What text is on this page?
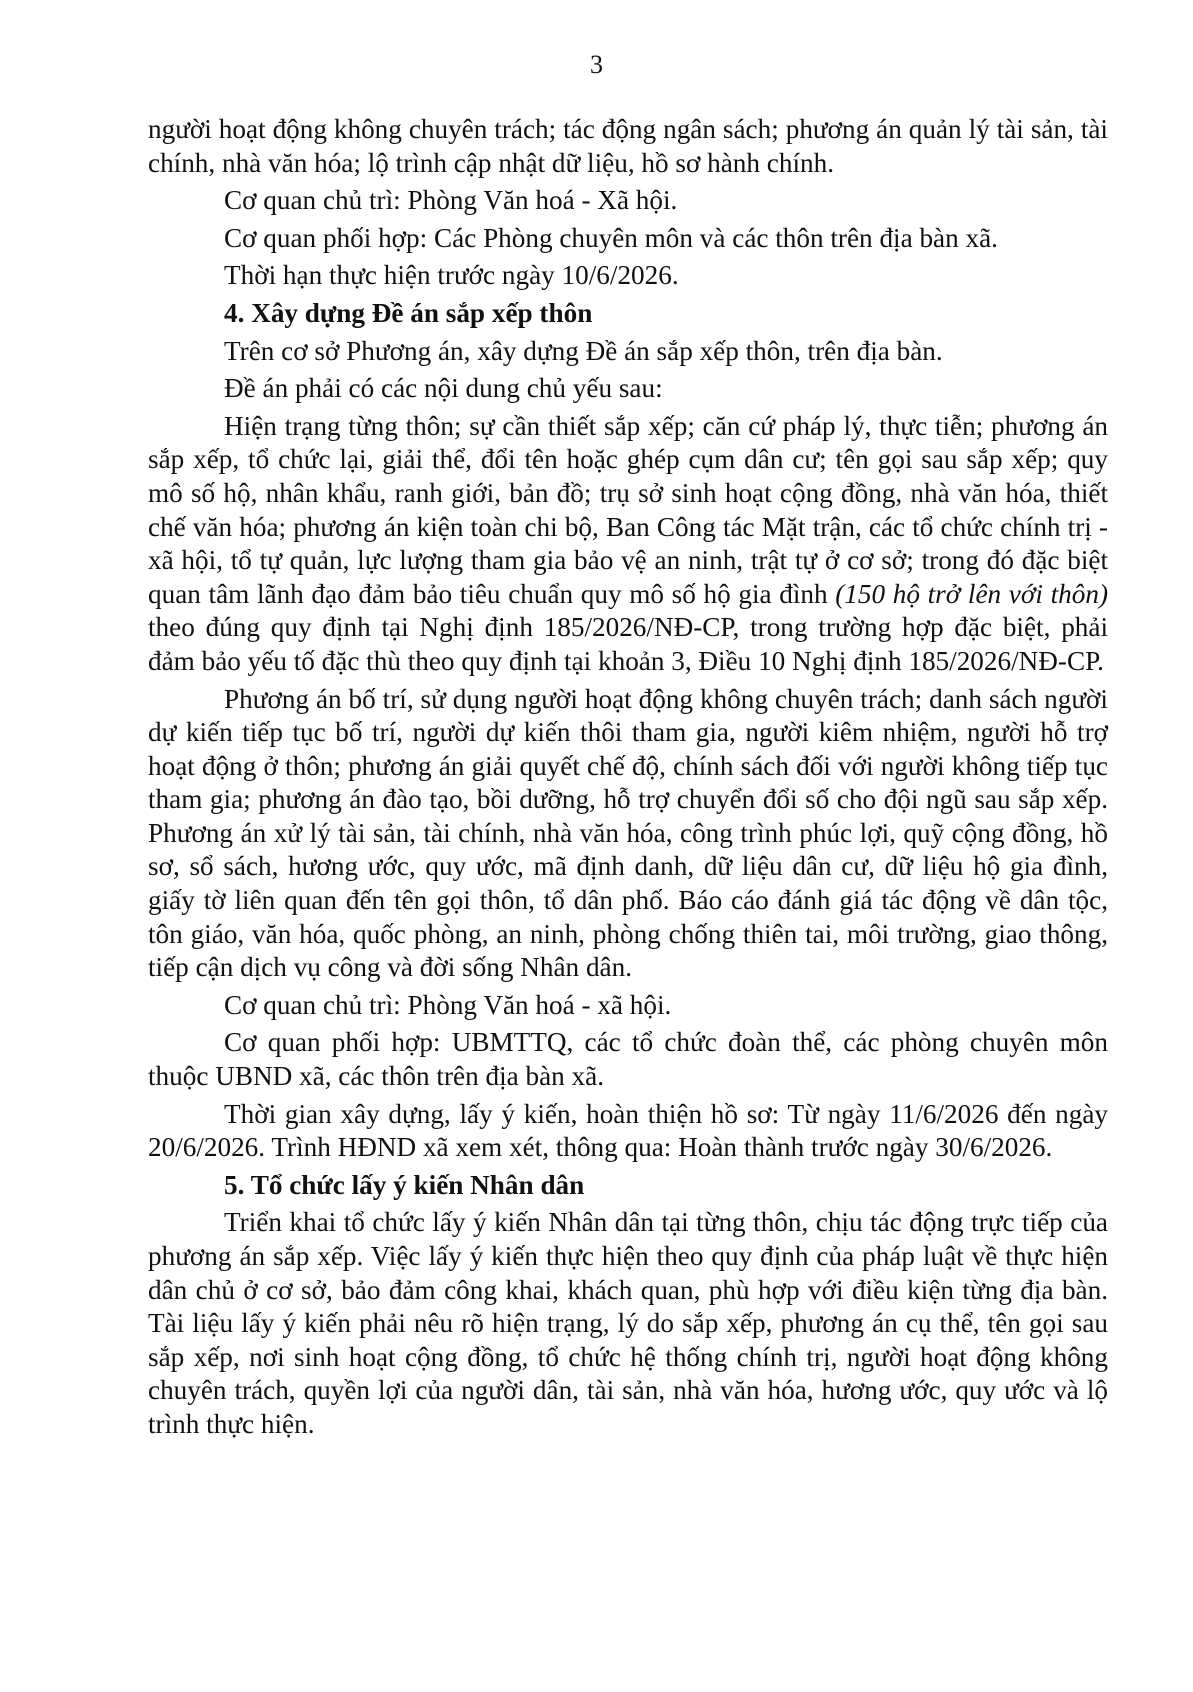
3

người hoạt động không chuyên trách; tác động ngân sách; phương án quản lý tài sản, tài chính, nhà văn hóa; lộ trình cập nhật dữ liệu, hồ sơ hành chính.

Cơ quan chủ trì: Phòng Văn hoá - Xã hội.

Cơ quan phối hợp: Các Phòng chuyên môn và các thôn trên địa bàn xã.

Thời hạn thực hiện trước ngày 10/6/2026.

4. Xây dựng Đề án sắp xếp thôn

Trên cơ sở Phương án, xây dựng Đề án sắp xếp thôn, trên địa bàn.

Đề án phải có các nội dung chủ yếu sau:

Hiện trạng từng thôn; sự cần thiết sắp xếp; căn cứ pháp lý, thực tiễn; phương án sắp xếp, tổ chức lại, giải thể, đổi tên hoặc ghép cụm dân cư; tên gọi sau sắp xếp; quy mô số hộ, nhân khẩu, ranh giới, bản đồ; trụ sở sinh hoạt cộng đồng, nhà văn hóa, thiết chế văn hóa; phương án kiện toàn chi bộ, Ban Công tác Mặt trận, các tổ chức chính trị - xã hội, tổ tự quản, lực lượng tham gia bảo vệ an ninh, trật tự ở cơ sở; trong đó đặc biệt quan tâm lãnh đạo đảm bảo tiêu chuẩn quy mô số hộ gia đình (150 hộ trở lên với thôn) theo đúng quy định tại Nghị định 185/2026/NĐ-CP, trong trường hợp đặc biệt, phải đảm bảo yếu tố đặc thù theo quy định tại khoản 3, Điều 10 Nghị định 185/2026/NĐ-CP.

Phương án bố trí, sử dụng người hoạt động không chuyên trách; danh sách người dự kiến tiếp tục bố trí, người dự kiến thôi tham gia, người kiêm nhiệm, người hỗ trợ hoạt động ở thôn; phương án giải quyết chế độ, chính sách đối với người không tiếp tục tham gia; phương án đào tạo, bồi dưỡng, hỗ trợ chuyển đổi số cho đội ngũ sau sắp xếp. Phương án xử lý tài sản, tài chính, nhà văn hóa, công trình phúc lợi, quỹ cộng đồng, hồ sơ, sổ sách, hương ước, quy ước, mã định danh, dữ liệu dân cư, dữ liệu hộ gia đình, giấy tờ liên quan đến tên gọi thôn, tổ dân phố. Báo cáo đánh giá tác động về dân tộc, tôn giáo, văn hóa, quốc phòng, an ninh, phòng chống thiên tai, môi trường, giao thông, tiếp cận dịch vụ công và đời sống Nhân dân.

Cơ quan chủ trì: Phòng Văn hoá - xã hội.

Cơ quan phối hợp: UBMTTQ, các tổ chức đoàn thể, các phòng chuyên môn thuộc UBND xã, các thôn trên địa bàn xã.

Thời gian xây dựng, lấy ý kiến, hoàn thiện hồ sơ: Từ ngày 11/6/2026 đến ngày 20/6/2026. Trình HĐND xã xem xét, thông qua: Hoàn thành trước ngày 30/6/2026.

5. Tổ chức lấy ý kiến Nhân dân

Triển khai tổ chức lấy ý kiến Nhân dân tại từng thôn, chịu tác động trực tiếp của phương án sắp xếp. Việc lấy ý kiến thực hiện theo quy định của pháp luật về thực hiện dân chủ ở cơ sở, bảo đảm công khai, khách quan, phù hợp với điều kiện từng địa bàn. Tài liệu lấy ý kiến phải nêu rõ hiện trạng, lý do sắp xếp, phương án cụ thể, tên gọi sau sắp xếp, nơi sinh hoạt cộng đồng, tổ chức hệ thống chính trị, người hoạt động không chuyên trách, quyền lợi của người dân, tài sản, nhà văn hóa, hương ước, quy ước và lộ trình thực hiện.
